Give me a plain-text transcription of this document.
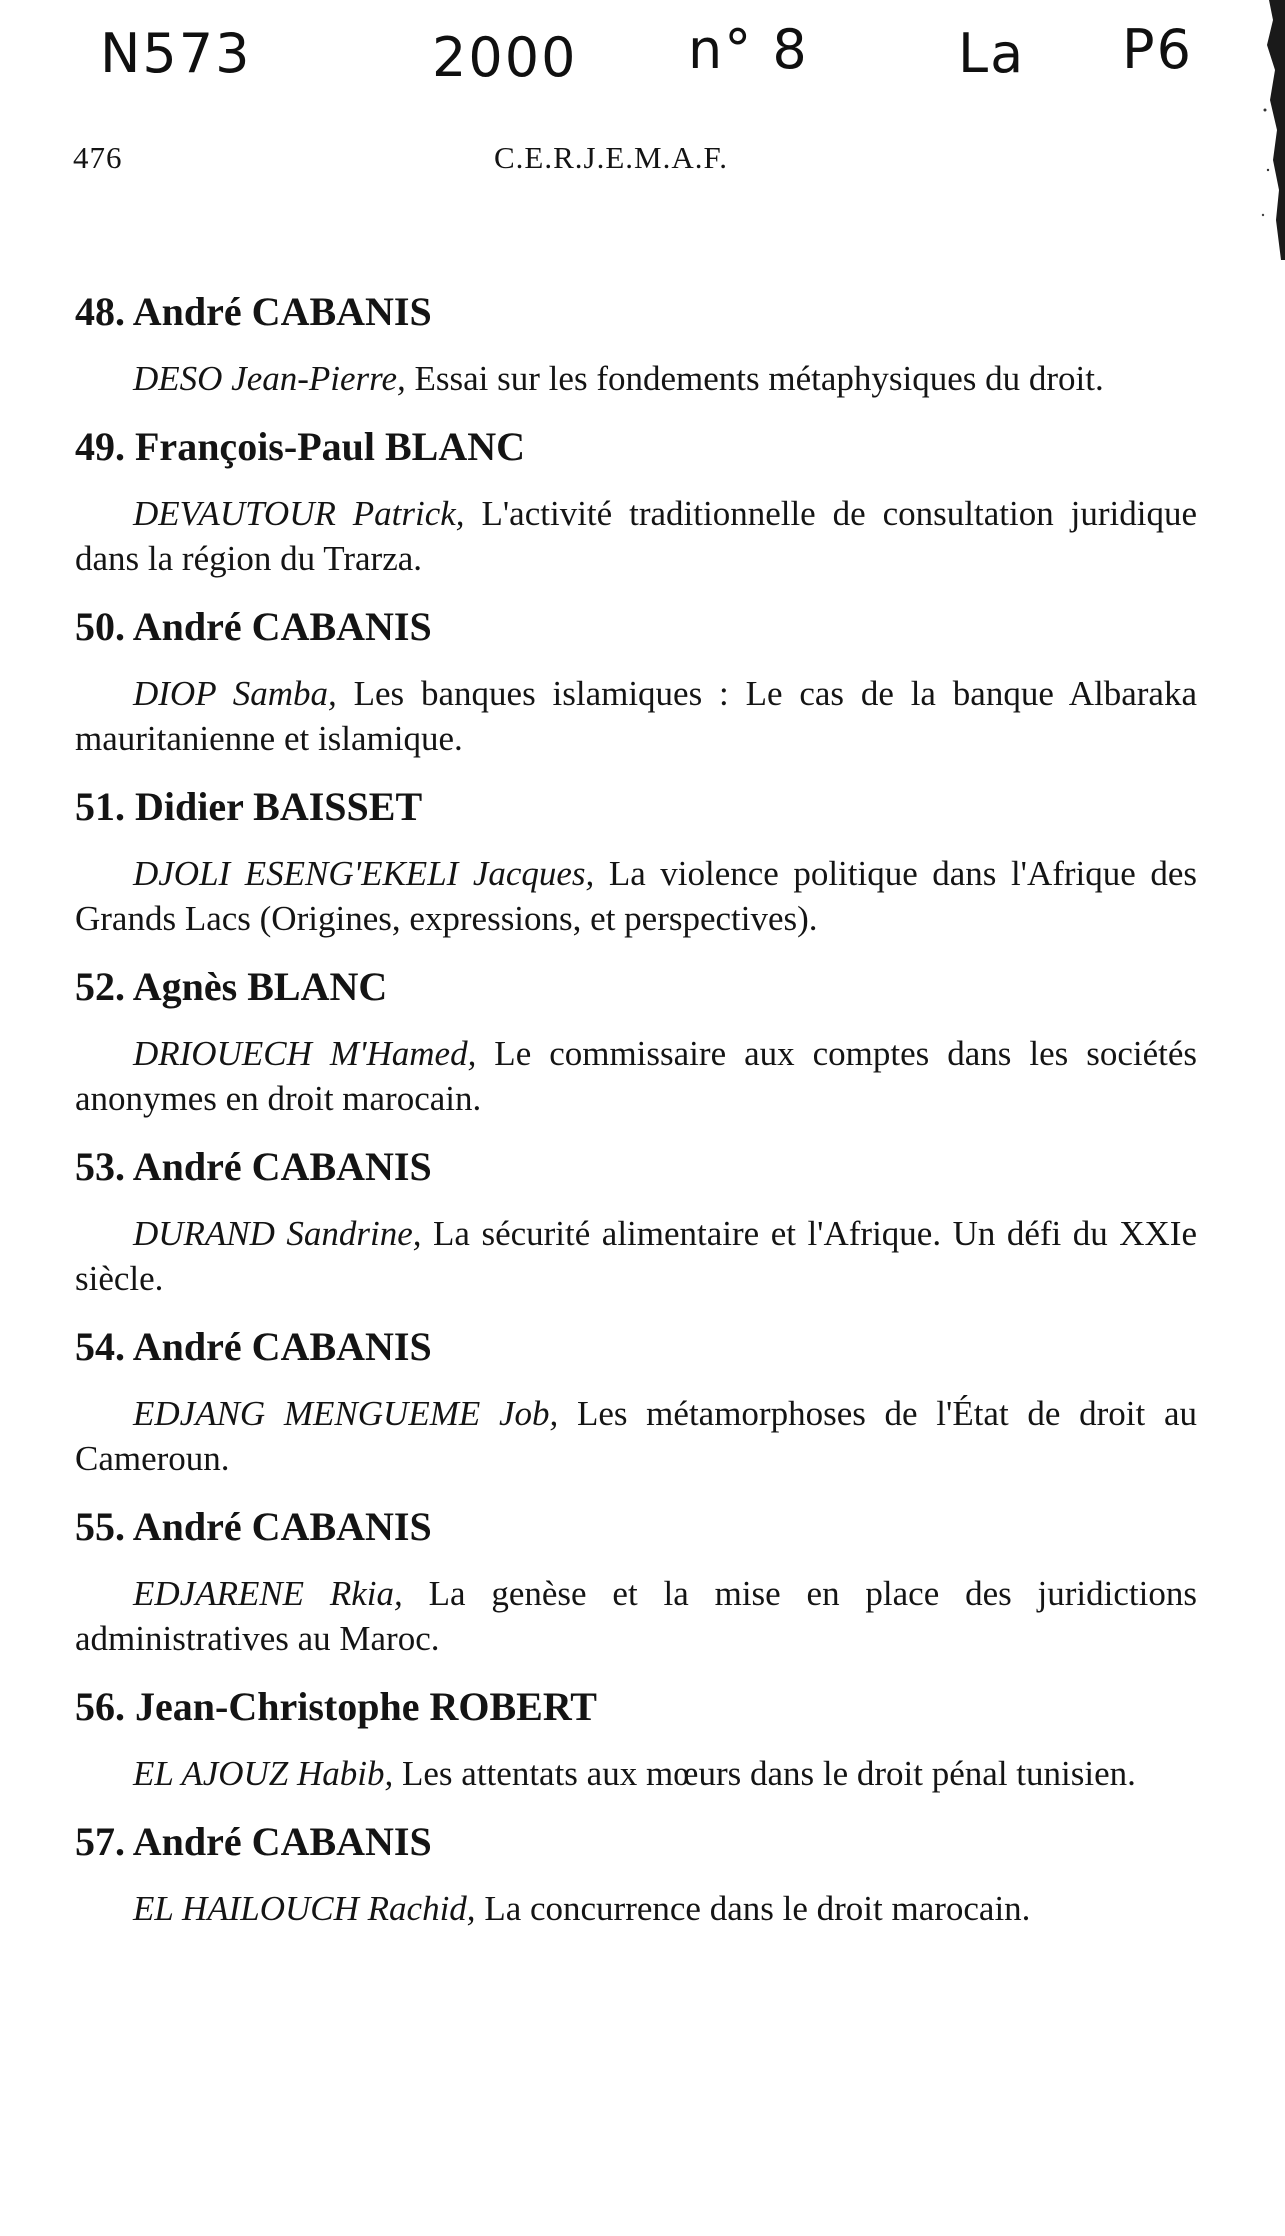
N573	2000 n° 8	La P6
476	C.E.R.J.E.M.A.F.
48. André CABANIS
DESO Jean-Pierre, Essai sur les fondements métaphysiques du droit.
49. François-Paul BLANC
DEVAUTOUR Patrick, L'activité traditionnelle de consultation juridique dans la région du Trarza.
50. André CABANIS
DIOP Samba, Les banques islamiques : Le cas de la banque Albaraka mauritanienne et islamique.
51. Didier BAISSET
DJOLI ESENG'EKELI Jacques, La violence politique dans l'Afrique des Grands Lacs (Origines, expressions, et perspectives).
52. Agnès BLANC
DRIOUECH M'Hamed, Le commissaire aux comptes dans les sociétés anonymes en droit marocain.
53. André CABANIS
DURAND Sandrine, La sécurité alimentaire et l'Afrique. Un défi du XXIe siècle.
54. André CABANIS
EDJANG MENGUEME Job, Les métamorphoses de l'État de droit au Cameroun.
55. André CABANIS
EDJARENE Rkia, La genèse et la mise en place des juridictions administratives au Maroc.
56. Jean-Christophe ROBERT
EL AJOUZ Habib, Les attentats aux mœurs dans le droit pénal tunisien.
57. André CABANIS
EL HAILOUCH Rachid, La concurrence dans le droit marocain.
